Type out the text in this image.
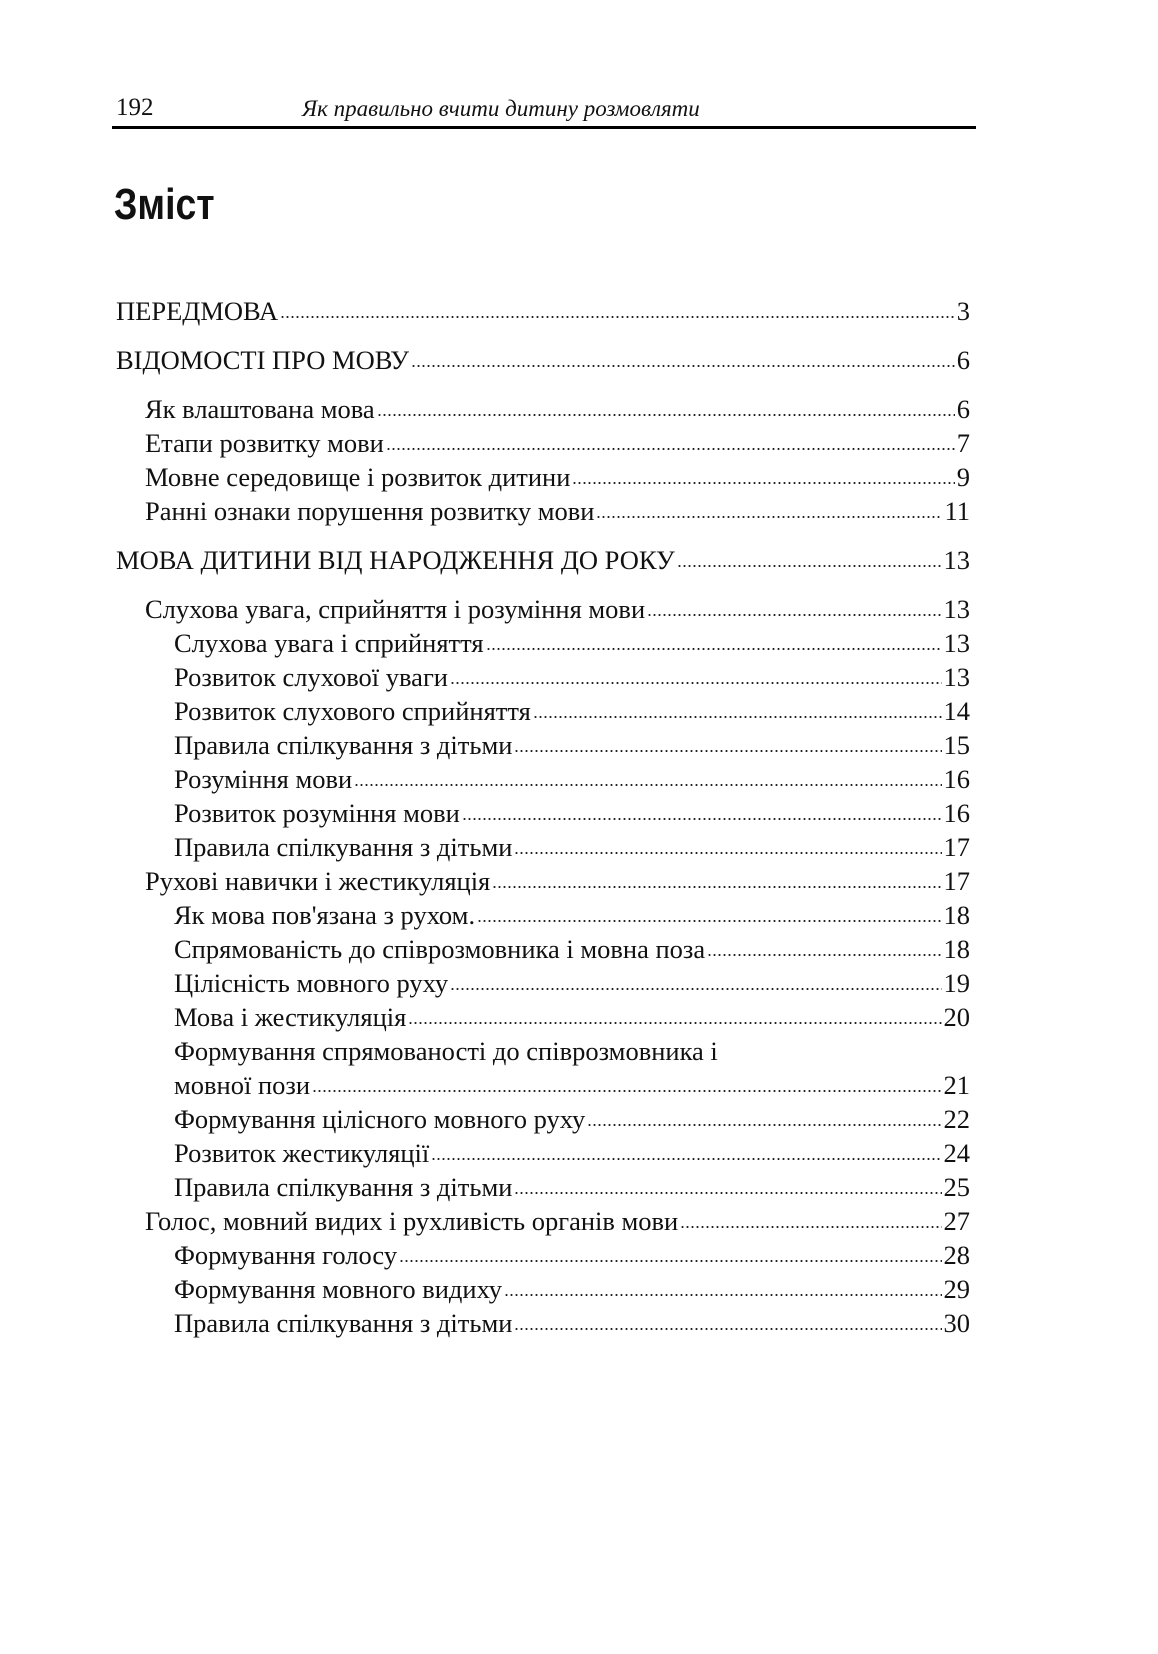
192	Як правильно вчити дитину розмовляти
Зміст
ПЕРЕДМОВА	3
ВІДОМОСТІ ПРО МОВУ	6
Як влаштована мова	6
Етапи розвитку мови	7
Мовне середовище і розвиток дитини	9
Ранні ознаки порушення розвитку мови	11
МОВА ДИТИНИ ВІД НАРОДЖЕННЯ ДО РОКУ	13
Слухова увага, сприйняття і розуміння мови	13
Слухова увага і сприйняття	13
Розвиток слухової уваги	13
Розвиток слухового сприйняття	14
Правила спілкування з дітьми	15
Розуміння мови	16
Розвиток розуміння мови	16
Правила спілкування з дітьми	17
Рухові навички і жестикуляція	17
Як мова пов'язана з рухом.	18
Спрямованість до співрозмовника і мовна поза	18
Цілісність мовного руху	19
Мова і жестикуляція	20
Формування спрямованості до співрозмовника і
мовної пози	21
Формування цілісного мовного руху	22
Розвиток жестикуляції	24
Правила спілкування з дітьми	25
Голос, мовний видих і рухливість органів мови	27
Формування голосу	28
Формування мовного видиху	29
Правила спілкування з дітьми	30
